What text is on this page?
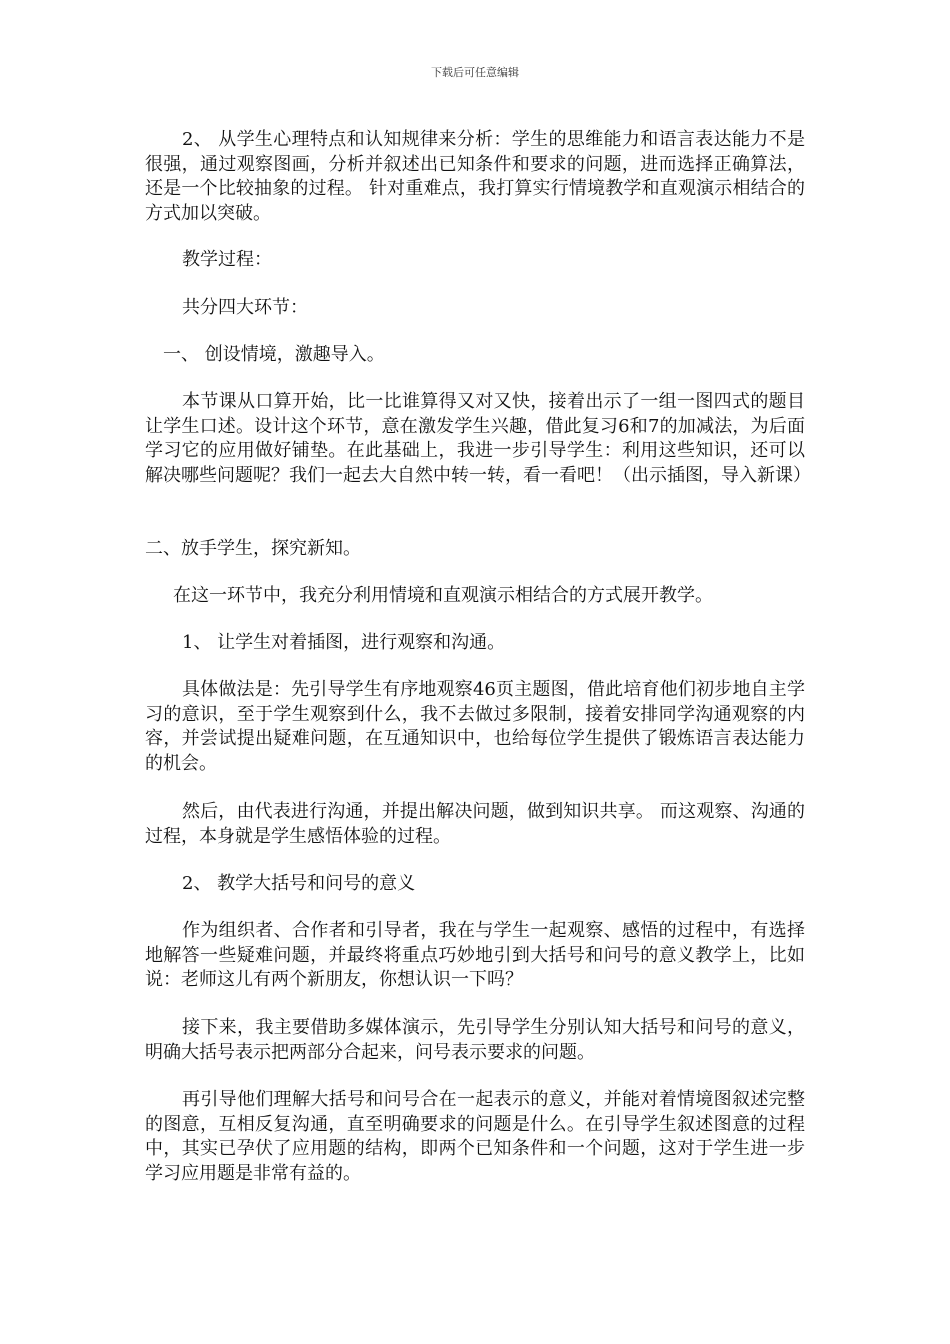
下载后可任意编辑

2、 从学生心理特点和认知规律来分析：学生的思维能力和语言表达能力不是很强，通过观察图画，分析并叙述出已知条件和要求的问题，进而选择正确算法，还是一个比较抽象的过程。 针对重难点，我打算实行情境教学和直观演示相结合的方式加以突破。

教学过程：

共分四大环节：

一、 创设情境，激趣导入。

本节课从口算开始，比一比谁算得又对又快，接着出示了一组一图四式的题目让学生口述。设计这个环节，意在激发学生兴趣，借此复习6和7的加减法，为后面学习它的应用做好铺垫。在此基础上，我进一步引导学生：利用这些知识，还可以解决哪些问题呢？我们一起去大自然中转一转，看一看吧！（出示插图，导入新课）

二、放手学生，探究新知。

在这一环节中，我充分利用情境和直观演示相结合的方式展开教学。

1、 让学生对着插图，进行观察和沟通。

具体做法是：先引导学生有序地观察46页主题图，借此培育他们初步地自主学习的意识，至于学生观察到什么，我不去做过多限制，接着安排同学沟通观察的内容，并尝试提出疑难问题，在互通知识中，也给每位学生提供了锻炼语言表达能力的机会。

然后，由代表进行沟通，并提出解决问题，做到知识共享。 而这观察、沟通的过程，本身就是学生感悟体验的过程。

2、 教学大括号和问号的意义

作为组织者、合作者和引导者，我在与学生一起观察、感悟的过程中，有选择地解答一些疑难问题，并最终将重点巧妙地引到大括号和问号的意义教学上，比如说：老师这儿有两个新朋友，你想认识一下吗？

接下来，我主要借助多媒体演示，先引导学生分别认知大括号和问号的意义，明确大括号表示把两部分合起来，问号表示要求的问题。

再引导他们理解大括号和问号合在一起表示的意义，并能对着情境图叙述完整的图意，互相反复沟通，直至明确要求的问题是什么。在引导学生叙述图意的过程中，其实已孕伏了应用题的结构，即两个已知条件和一个问题，这对于学生进一步学习应用题是非常有益的。
